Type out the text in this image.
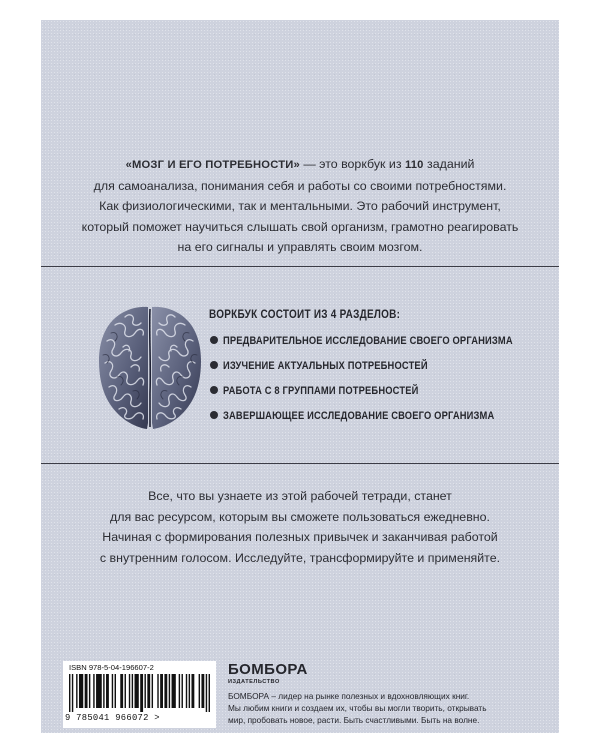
«МОЗГ И ЕГО ПОТРЕБНОСТИ» — это воркбук из 110 заданий
для самоанализа, понимания себя и работы со своими потребностями.
Как физиологическими, так и ментальными. Это рабочий инструмент,
который поможет научиться слышать свой организм, грамотно реагировать
на его сигналы и управлять своим мозгом.
ВОРКБУК СОСТОИТ ИЗ 4 РАЗДЕЛОВ:
ПРЕДВАРИТЕЛЬНОЕ ИССЛЕДОВАНИЕ СВОЕГО ОРГАНИЗМА
ИЗУЧЕНИЕ АКТУАЛЬНЫХ ПОТРЕБНОСТЕЙ
РАБОТА С 8 ГРУППАМИ ПОТРЕБНОСТЕЙ
ЗАВЕРШАЮЩЕЕ ИССЛЕДОВАНИЕ СВОЕГО ОРГАНИЗМА
Все, что вы узнаете из этой рабочей тетради, станет
для вас ресурсом, которым вы сможете пользоваться ежедневно.
Начиная с формирования полезных привычек и заканчивая работой
с внутренним голосом. Исследуйте, трансформируйте и применяйте.
ISBN 978-5-04-196607-2
9 785041 966072 >
БОМБОРА
ИЗДАТЕЛЬСТВО
БОМБОРА – лидер на рынке полезных и вдохновляющих книг.
Мы любим книги и создаем их, чтобы вы могли творить, открывать
мир, пробовать новое, расти. Быть счастливыми. Быть на волне.
